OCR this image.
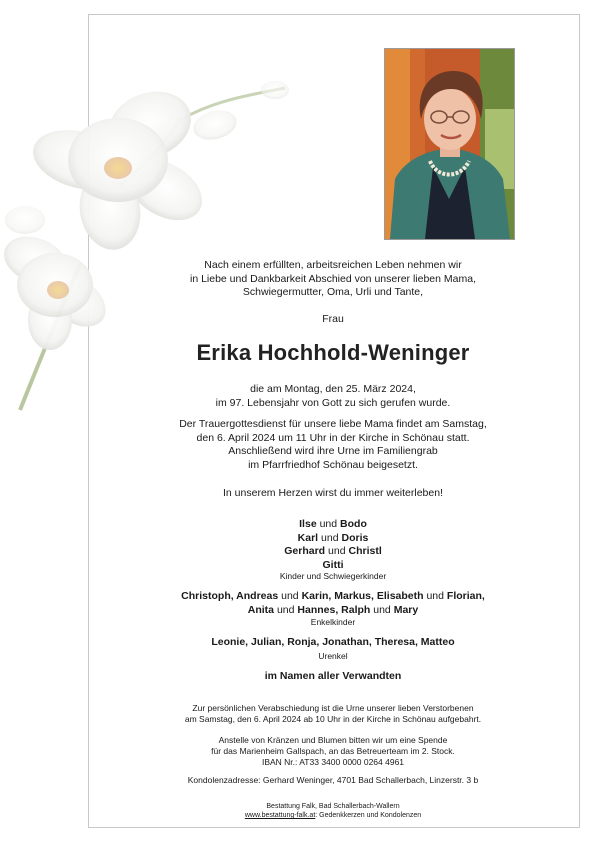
Nach einem erfüllten, arbeitsreichen Leben nehmen wir
in Liebe und Dankbarkeit Abschied von unserer lieben Mama,
Schwiegermutter, Oma, Urli und Tante,

Frau

Erika Hochhold-Weninger

die am Montag, den 25. März 2024,
im 97. Lebensjahr von Gott zu sich gerufen wurde.

Der Trauergottesdienst für unsere liebe Mama findet am Samstag,
den 6. April 2024 um 11 Uhr in der Kirche in Schönau statt.
Anschließend wird ihre Urne im Familiengrab
im Pfarrfriedhof Schönau beigesetzt.

In unserem Herzen wirst du immer weiterleben!

Ilse und Bodo
Karl und Doris
Gerhard und Christl
Gitti

Kinder und Schwiegerkinder

Christoph, Andreas und Karin, Markus, Elisabeth und Florian,
Anita und Hannes, Ralph und Mary

Enkelkinder

Leonie, Julian, Ronja, Jonathan, Theresa, Matteo

Urenkel

im Namen aller Verwandten

Zur persönlichen Verabschiedung ist die Urne unserer lieben Verstorbenen
am Samstag, den 6. April 2024 ab 10 Uhr in der Kirche in Schönau aufgebahrt.

Anstelle von Kränzen und Blumen bitten wir um eine Spende
für das Marienheim Gallspach, an das Betreuerteam im 2. Stock.
IBAN Nr.: AT33 3400 0000 0264 4961

Kondolenzadresse: Gerhard Weninger, 4701 Bad Schallerbach, Linzerstr. 3 b

Bestattung Falk, Bad Schallerbach-Wallern
www.bestattung-falk.at: Gedenkkerzen und Kondolenzen
